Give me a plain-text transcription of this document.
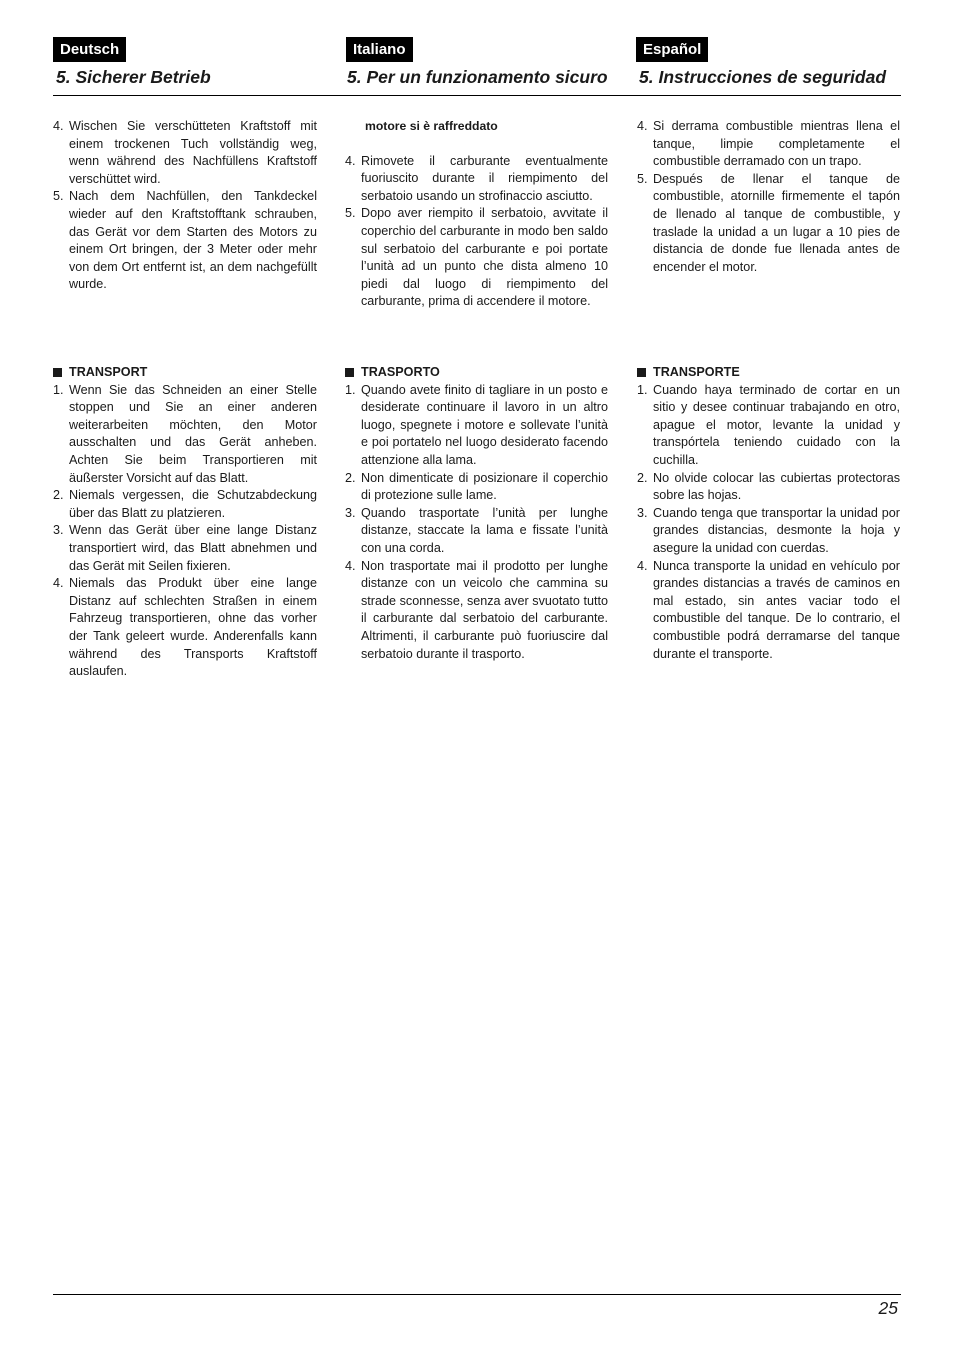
Deutsch	Italiano	Español
5. Sicherer Betrieb	5. Per un funzionamento sicuro 5. Instrucciones de seguridad
4. Wischen Sie verschütteten Kraftstoff mit einem trockenen Tuch vollständig weg, wenn während des Nachfüllens Kraftstoff verschüttet wird.
5. Nach dem Nachfüllen, den Tankdeckel wieder auf den Kraftstofftank schrauben, das Gerät vor dem Starten des Motors zu einem Ort bringen, der 3 Meter oder mehr von dem Ort entfernt ist, an dem nachgefüllt wurde.
TRANSPORT
1. Wenn Sie das Schneiden an einer Stelle stoppen und Sie an einer anderen weiterarbeiten möchten, den Motor ausschalten und das Gerät anheben. Achten Sie beim Transportieren mit äußerster Vorsicht auf das Blatt.
2. Niemals vergessen, die Schutzabdeckung über das Blatt zu platzieren.
3. Wenn das Gerät über eine lange Distanz transportiert wird, das Blatt abnehmen und das Gerät mit Seilen fixieren.
4. Niemals das Produkt über eine lange Distanz auf schlechten Straßen in einem Fahrzeug transportieren, ohne das vorher der Tank geleert wurde. Anderenfalls kann während des Transports Kraftstoff auslaufen.
motore si è raffreddato
4. Rimovete il carburante eventualmente fuoriuscito durante il riempimento del serbatoio usando un strofinaccio asciutto.
5. Dopo aver riempito il serbatoio, avvitate il coperchio del carburante in modo ben saldo sul serbatoio del carburante e poi portate l’unità ad un punto che dista almeno 10 piedi dal luogo di riempimento del carburante, prima di accendere il motore.
TRASPORTO
1. Quando avete finito di tagliare in un posto e desiderate continuare il lavoro in un altro luogo, spegnete i motore e sollevate l’unità e poi portatelo nel luogo desiderato facendo attenzione alla lama.
2. Non dimenticate di posizionare il coperchio di protezione sulle lame.
3. Quando trasportate l’unità per lunghe distanze, staccate la lama e fissate l’unità con una corda.
4. Non trasportate mai il prodotto per lunghe distanze con un veicolo che cammina su strade sconnesse, senza aver svuotato tutto il carburante dal serbatoio del carburante. Altrimenti, il carburante può fuoriuscire dal serbatoio durante il trasporto.
4. Si derrama combustible mientras llena el tanque, limpie completamente el combustible derramado con un trapo.
5. Después de llenar el tanque de combustible, atornille firmemente el tapón de llenado al tanque de combustible, y traslade la unidad a un lugar a 10 pies de distancia de donde fue llenada antes de encender el motor.
TRANSPORTE
1. Cuando haya terminado de cortar en un sitio y desee continuar trabajando en otro, apague el motor, levante la unidad y transpórtela teniendo cuidado con la cuchilla.
2. No olvide colocar las cubiertas protectoras sobre las hojas.
3. Cuando tenga que transportar la unidad por grandes distancias, desmonte la hoja y asegure la unidad con cuerdas.
4. Nunca transporte la unidad en vehículo por grandes distancias a través de caminos en mal estado, sin antes vaciar todo el combustible del tanque. De lo contrario, el combustible podrá derramarse del tanque durante el transporte.
25
